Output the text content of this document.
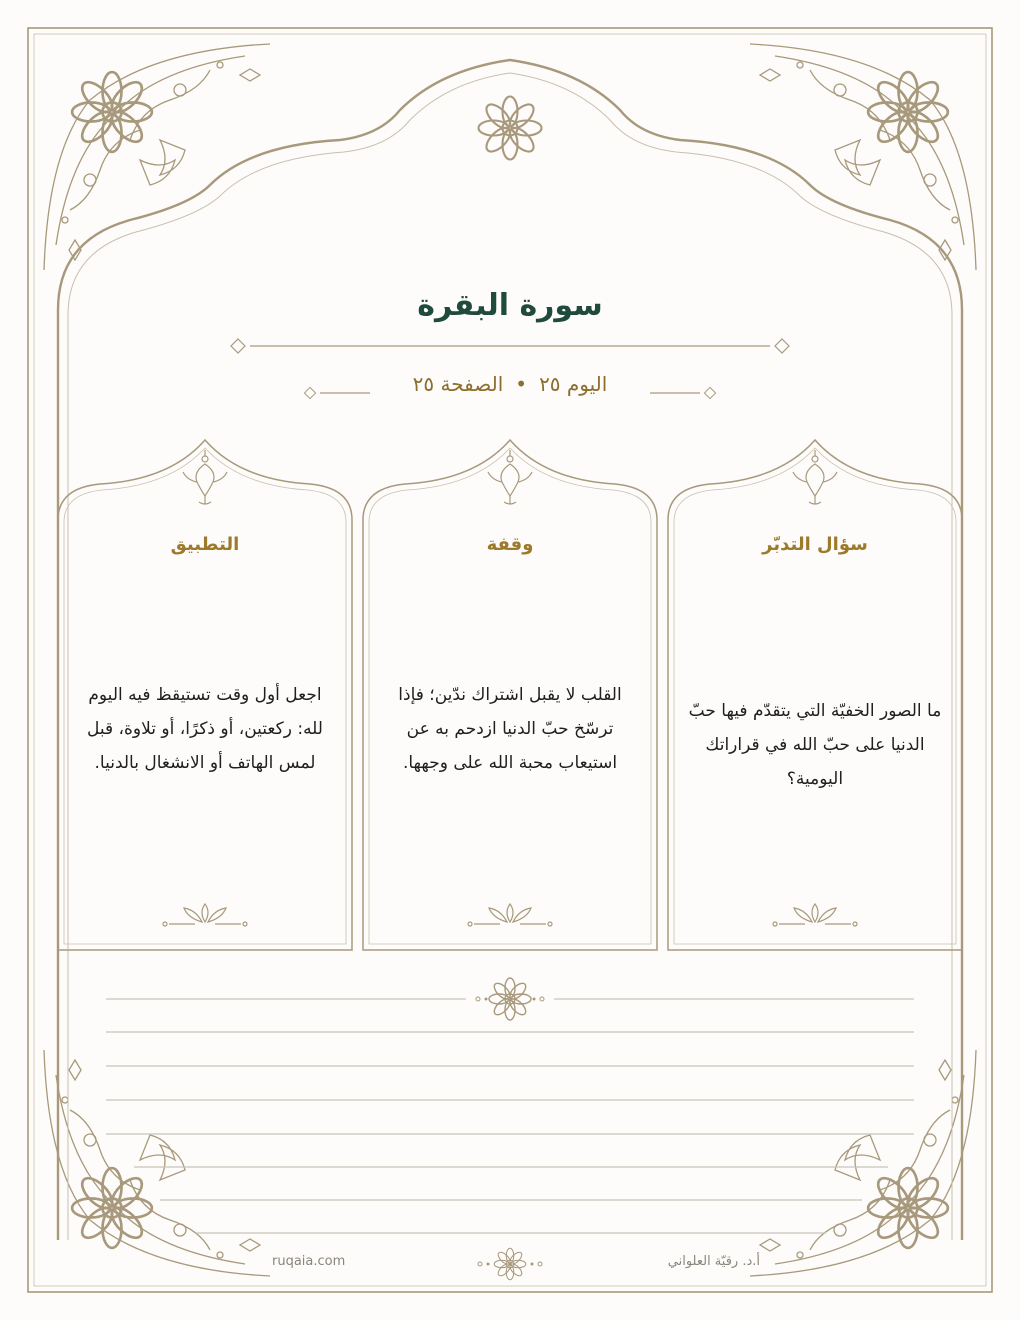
سورة البقرة
اليوم ٢٥•الصفحة ٢٥
سؤال التدبّر
ما الصور الخفيّة التي يتقدّم فيها حبّ الدنيا على حبّ الله في قراراتك اليومية؟
وقفة
القلب لا يقبل اشتراك ندّين؛ فإذا ترسّخ حبّ الدنيا ازدحم به عن استيعاب محبة الله على وجهها.
التطبيق
اجعل أول وقت تستيقظ فيه اليوم لله: ركعتين، أو ذكرًا، أو تلاوة، قبل لمس الهاتف أو الانشغال بالدنيا.
ruqaia.com	أ.د. رقيّة العلواني
